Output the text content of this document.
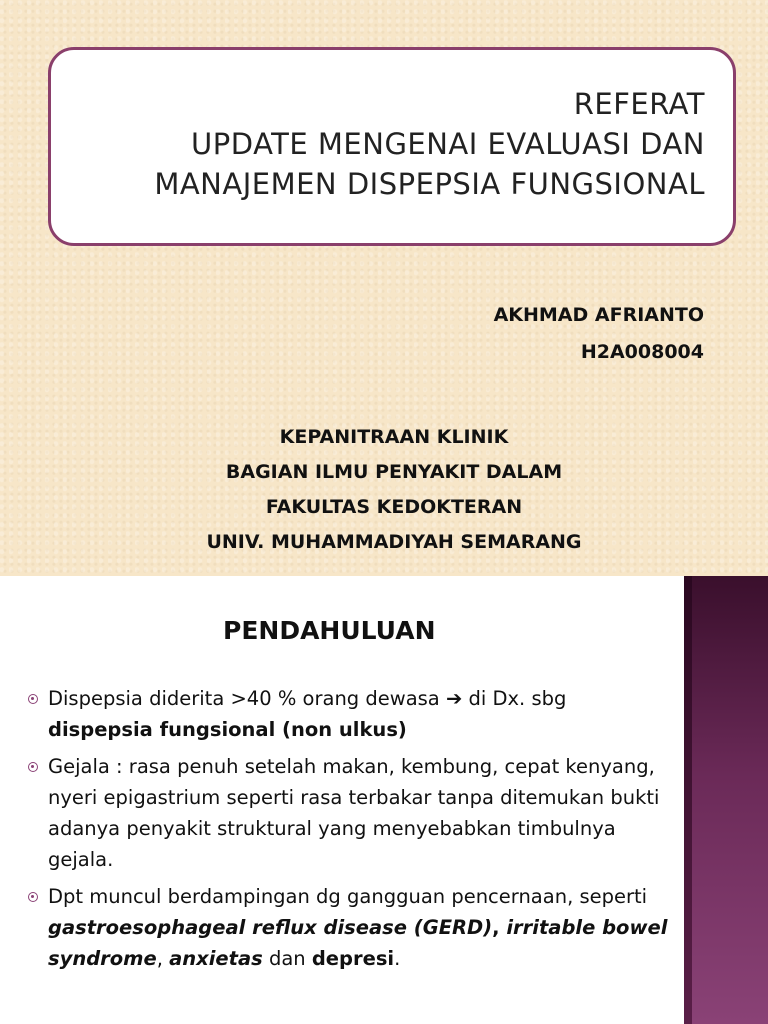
REFERAT
UPDATE MENGENAI EVALUASI DAN
MANAJEMEN DISPEPSIA FUNGSIONAL
AKHMAD AFRIANTO
H2A008004
KEPANITRAAN KLINIK
BAGIAN ILMU PENYAKIT DALAM
FAKULTAS KEDOKTERAN
UNIV. MUHAMMADIYAH SEMARANG
PENDAHULUAN
Dispepsia diderita >40 % orang dewasa ➔ di Dx. sbg
dispepsia fungsional (non ulkus)
Gejala : rasa penuh setelah makan, kembung, cepat kenyang, nyeri epigastrium seperti rasa terbakar tanpa ditemukan bukti adanya penyakit struktural yang menyebabkan timbulnya gejala.
Dpt muncul berdampingan dg gangguan pencernaan, seperti gastroesophageal reflux disease (GERD), irritable bowel syndrome, anxietas dan depresi.
